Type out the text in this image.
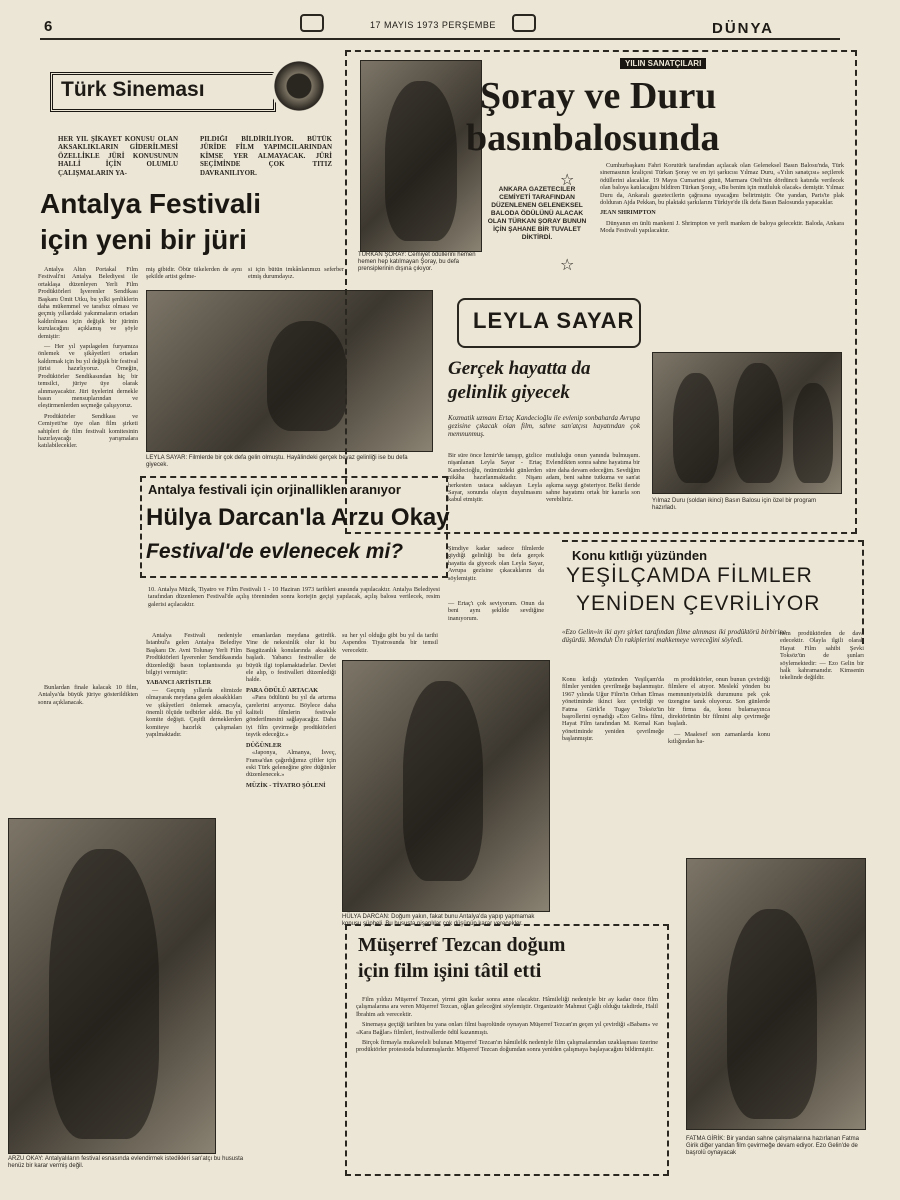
6	17 MAYIS 1973 PERŞEMBE	DÜNYA
Türk Sineması
HER YIL ŞİKAYET KONUSU OLAN AKSAKLIKLARIN GİDERİLMESİ ÖZELLİKLE JÜRİ KONUSUNUN HALLİ İÇİN OLUMLU ÇALIŞMALARIN YA-
PILDIĞI BİLDİRİLİYOR. BÜTÜK JÜRİDE FİLM YAPIMCILARINDAN KİMSE YER ALMAYACAK. JÜRİ SEÇİMİNDE ÇOK TITIZ DAVRANILIYOR.
Antalya Festivali
için yeni bir jüri

Antalya Altın Portakal Film Festivali'ni Antalya Belediyesi ile ortaklaşa düzenleyen Yerli Film Prodüktörleri İşverenler Sendikası Başkanı Ümit Utku, bu yılki şenliklerin daha mükemmel ve tarafsız olması ve geçmiş yıllardaki yakınmaların ortadan kaldırılması için değişik bir jürinin kurulacağını açıklamış ve şöyle demiştir:

— Her yıl yapılagelen furyamıza önlemek ve şikâyetleri ortadan kaldırmak için bu yıl değişik bir festival jürisi hazırlıyoruz. Örneğin, Prodüktörler Sendikasından hiç bir temsilci, jüriye üye olarak alınmayacaktır. Jüri üyelerini dernekle basın mensuplarından ve eleştirmenlerden seçmeğe çalışıyoruz.

Prodüktörler Sendikası ve Cemiyeti'ne üye olan film şirketi sahipleri de film festivali komitesinin hazırlayacağı yarışmalara katılabilecekler.

Bunlardan finale kalacak 10 film, Antalya'da büyük jüriye gösterildikten sonra açıklanacak.

miş gibidir. Öbür üikelerden de aynı şekilde artist gelme-
si için bütün imkânlarımızı seferber etmiş durumdayız.
LEYLA SAYAR: Filmlerde bir çok defa gelin olmuştu. Hayâlindeki gerçek beyaz gelinliği ise bu defa giyecek.
TÜRKAN ŞORAY: Cemiyet ödüllerini hemen hemen hep katılmayan Şoray, bu defa prensiplerinin dışına çıkıyor.
YILIN SANATÇILARI
Şoray ve Duru
basınbalosunda
☆
☆
ANKARA GAZETECİLER CEMİYETİ TARAFINDAN DÜZENLENEN GELENEKSEL BALODA ÖDÜLÜNÜ ALACAK OLAN TÜRKAN ŞORAY BUNUN İÇİN ŞAHANE BİR TUVALET DİKTİRDİ.

Cumhurbaşkanı Fahri Korutürk tarafından açılacak olan Geleneksel Basın Balosu'nda, Türk sinemasının kraliçesi Türkan Şoray ve en iyi şarkıcısı Yılmaz Duru, «Yılın sanatçısı» seçilerek ödüllerini alacaklar. 19 Mayıs Cumartesi günü, Marmara Oteli'nin dördüncü katında verilecek olan baloya katılacağını bildiren Türkan Şoray, «Bu benim için mutluluk olacak» demiştir. Yılmaz Duru da, Ankaralı gazetecilerin çağrısına uyacağını belirtmiştir. Öte yandan, Paris'te plak dolduran Ajda Pekkan, bu plaktaki şarkılarını Türkiye'de ilk defa Basın Balosunda yapacaklar.

JEAN SHRIMPTON

Dünyanın en ünlü mankeni J. Shrimpton ve yerli manken de baloya gelecektir. Baloda, Ankara Moda Festivali yapılacaktır.

Yılmaz Duru (soldan ikinci) Basın Balosu için özel bir program hazırladı.
LEYLA SAYAR
Gerçek hayatta da
gelinlik giyecek
Kozmatik uzmanı Ertaç Kandecioğlu ile evlenip sonbaharda Avrupa gezisine çıkacak olan film, sahne san'atçısı hayatından çok memnunmuş.
Bir süre önce İzmir'de tanışıp, gizlice nişanlanan Leyla Sayar - Ertaç Kandecioğlu, önümüzdeki günlerden nikâha hazırlanmaktadır. Nişanı herkesten ustaca saklayan Leyla Sayar, sonunda olayın duyulmasını kabul etmiştir.
mutluluğu onun yanında bulmuşum. Evlendikten sonra sahne hayatıma bir süre daha devam edeceğim. Sevdiğim adam, beni sahne tutkuma ve san'at aşkıma saygı gösteriyor. Belki ileride sahne hayatımı ortak bir kararla son verebiliriz.
Şimdiye kadar sadece filmlerde giydiği gelinliği bu defa gerçek hayatta da giyecek olan Leyla Sayar, Avrupa gezisine çıkacaklarını da söylemiştir.
— Ertaç'ı çok seviyorum. Onun da beni aynı şekilde sevdiğine inanıyorum.
Antalya festivali için orjinallikler aranıyor
Hülya Darcan'la Arzu Okay
Festival'de evlenecek mi?
10. Antalya Müzik, Tiyatro ve Film Festivali 1 - 10 Haziran 1973 tarihleri arasında yapılacaktır. Antalya Belediyesi tarafından düzenlenen Festival'de açılış töreninden sonra kortejin geçişi yapılacak, açılış balosu verilecek, resim galerisi açılacaktır.

Antalya Festivali nedeniyle İstanbul'a gelen Antalya Belediye Başkanı Dr. Avni Tolunay Yerli Film Prodüktörleri İşverenler Sendikasında düzenlediği basın toplantısında şu bilgiyi vermiştir:

YABANCI ARTİSTLER

— Geçmiş yıllarda elimizde olmayarak meydana gelen aksaklıkları ve şikâyetleri önlemek amacıyla, önemli ölçüde tedbirler aldık. Bu yıl komite değişti. Çeşitli derneklerden komiteye hazırlık çalışmaları yapılmaktadır.

emanlardan meydana getirdik. Yine de nekesinlik olur ki bu Başgüzanlık konularında aksaklık başladı. Yabancı festivaller de büyük ilgi toplamaktadırlar. Devlet ele alıp, o festivalleri düzenlediği halde.

PARA ÖDÜLÜ ARTACAK

«Para ödülünü bu yıl da artırma çarelerini arıyoruz. Böylece daha kaliteli filmlerin festivale gönderilmesini sağlayacağız. Daha iyi film çevirmeğe prodüktörleri teşvik edeceğiz.»

DÜĞÜNLER

«Japonya, Almanya, İsveç, Fransa'dan çağırdığımız çiftler için eski Türk geleneğine göre düğünler düzenlenecek.»

MÜZİK - TİYATRO ŞÖLENİ
su her yıl olduğu gibi bu yıl da tarihi Aspendos Tiyatrosunda bir temsil verecektir.
HÜLYA DARCAN: Doğum yakın, fakat bunu Antalya'da yapıp yapmamak konusu şüpheli. Bu hususta nişanlılar çok düşünüp karar verecekler.
ARZU OKAY: Antalyalıların festival esnasında evlendirmek istedikleri san'atçı bu hususta henüz bir karar vermiş değil.
Konu kıtlığı yüzünden
YEŞİLÇAMDA FİLMLER
YENİDEN ÇEVRİLİYOR
«Ezo Gelin»in iki ayrı şirket tarafından filme alınması iki prodüktörü birbirine düşürdü. Memduh Ün rakiplerini mahkemeye vereceğini söyledi.
Konu kıtlığı yüzünden Yeşilçam'da filmler yeniden çevrilmeğe başlanmıştır. 1967 yılında Uğur Film'in Orhan Elmas yönetiminde ikinci kez çevirdiği ve Fatma Girik'le Tugay Toksöz'ün başrollerini oynadığı «Ezo Gelin» filmi, Hayat Film tarafından M. Kemal Kan yönetiminde yeniden çevrilmeğe başlanmıştır.

m prodüktörler, onun bunun çevirdiği filmlere el atıyor. Meslekî yönden bu memnuniyetsizlik durumunu pek çok üzengine tanık oluyoruz. Son günlerde bir firma da, konu bulamayınca direktörünün bir filmini alıp çevirmeğe başladı.

— Maalesef son zamanlarda konu kıtlığından ha-

nem prodüktörden de dava edecektir. Olayla ilgili olarak Hayat Film sahibi Şevki Toksöz'ün de şunları söylemektedir: — Ezo Gelin bir halk kahramanıdır. Kimsenin tekelinde değildir.
FATMA GİRİK: Bir yandan sahne çalışmalarına hazırlanan Fatma Girik diğer yandan film çevirmeğe devam ediyor. Ezo Gelin'de de başrolü oynayacak
Müşerref Tezcan doğum
için film işini tâtil etti

Film yıldızı Müşerref Tezcan, yirmi gün kadar sonra anne olacaktır. Hâmileliği nedeniyle bir ay kadar önce film çalışmalarına ara veren Müşerref Tezcan, oğlan geleceğini söylemiştir. Organizatör Mahmut Çağlı olduğu takdirde, Halil İbrahim adı verecektir.

Sinemaya geçtiği tarihten bu yana onları filmi başrolünde oynayan Müşerref Tezcan'ın geçen yıl çevirdiği «Babam» ve «Kara Bağlar» filmleri, festivallerde ödül kazanmıştı.

Birçok firmayla mukaveleli bulunan Müşerref Tezcan'ın hâmilelik nedeniyle film çalışmalarından uzaklaşması üzerine prodüktörler protestoda bulunmuşlardır. Müşerref Tezcan doğumdan sonra yeniden çalışmaya başlayacağını bildirmiştir.
